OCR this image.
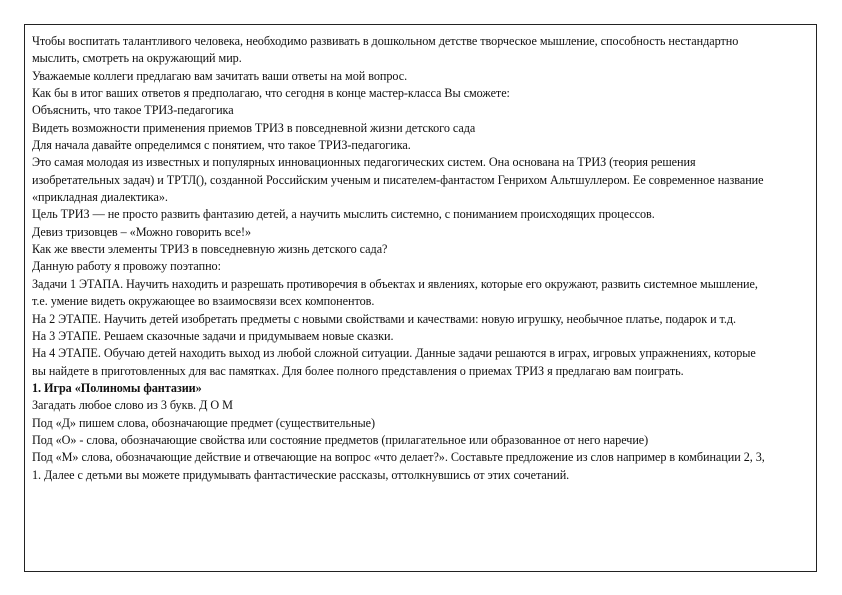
Чтобы воспитать талантливого человека, необходимо развивать в дошкольном детстве творческое мышление, способность нестандартно мыслить, смотреть на окружающий мир.

Уважаемые коллеги предлагаю вам зачитать ваши ответы на мой вопрос.

Как бы в итог ваших ответов я предполагаю, что сегодня в конце мастер-класса Вы сможете:

Объяснить, что такое ТРИЗ-педагогика

Видеть возможности применения приемов ТРИЗ в повседневной жизни детского сада

Для начала давайте определимся с понятием, что такое ТРИЗ-педагогика.

Это самая молодая из известных и популярных инновационных педагогических систем. Она основана на ТРИЗ (теория решения изобретательных задач) и ТРТЛ(), созданной Российским ученым и писателем-фантастом Генрихом Альтшуллером. Ее современное название «прикладная диалектика».

Цель ТРИЗ — не просто развить фантазию детей, а научить мыслить системно, с пониманием происходящих процессов.

Девиз тризовцев – «Можно говорить все!»

Как же ввести элементы ТРИЗ в повседневную жизнь детского сада?

Данную работу я провожу поэтапно:

Задачи 1 ЭТАПА. Научить находить и разрешать противоречия в объектах и явлениях, которые его окружают, развить системное мышление, т.е. умение видеть окружающее во взаимосвязи всех компонентов.

На 2 ЭТАПЕ. Научить детей изобретать предметы с новыми свойствами и качествами: новую игрушку, необычное платье, подарок и т.д.

На 3 ЭТАПЕ. Решаем сказочные задачи и придумываем новые сказки.

На 4 ЭТАПЕ. Обучаю детей находить выход из любой сложной ситуации. Данные задачи решаются в играх, игровых упражнениях, которые вы найдете в приготовленных для вас памятках. Для более полного представления о приемах ТРИЗ я предлагаю вам поиграть.

1. Игра «Полиномы фантазии»

Загадать любое слово из 3 букв. Д О М

Под «Д» пишем слова, обозначающие предмет (существительные)

Под «О» - слова, обозначающие свойства или состояние предметов (прилагательное или образованное от него наречие)

Под «М» слова, обозначающие действие и отвечающие на вопрос «что делает?». Составьте предложение из слов например в комбинации 2, 3, 1. Далее с детьми вы можете придумывать фантастические рассказы, оттолкнувшись от этих сочетаний.
